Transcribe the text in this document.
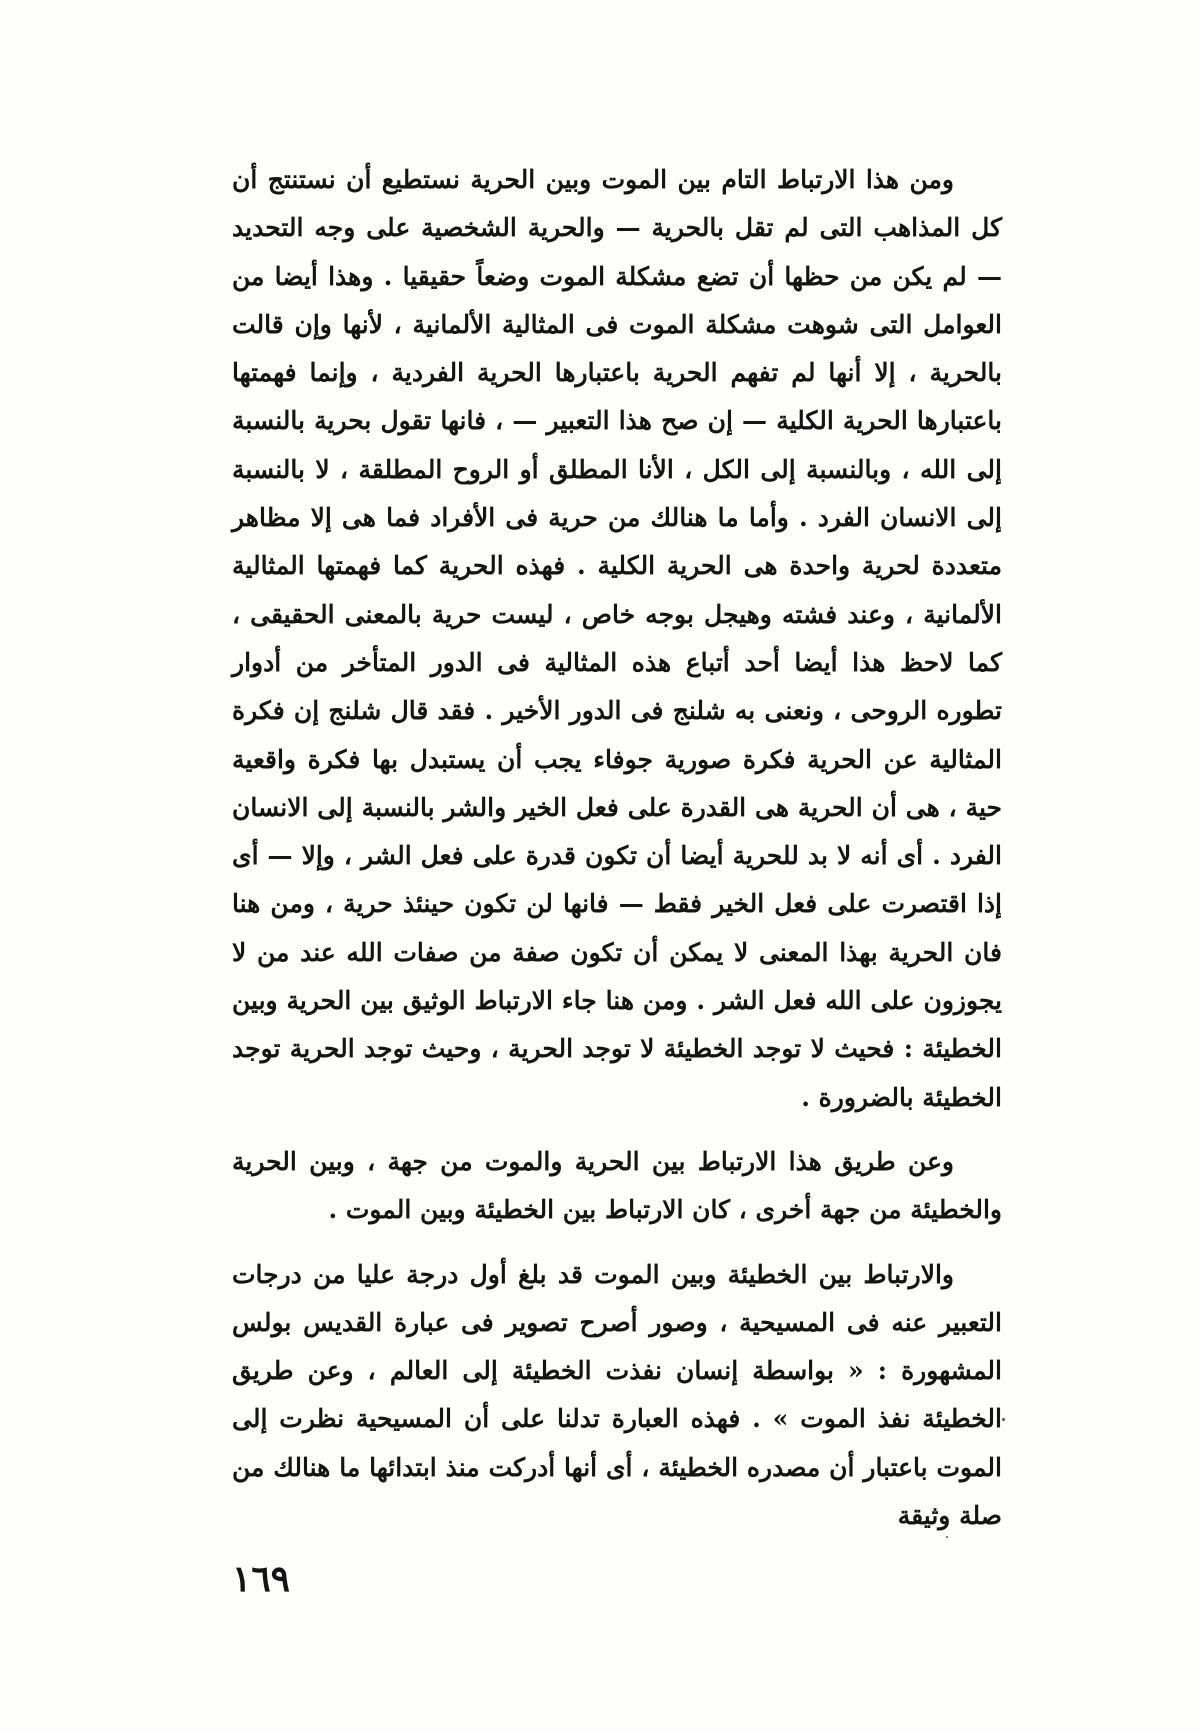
ومن هذا الارتباط التام بين الموت وبين الحرية نستطيع أن نستنتج أن كل المذاهب التى لم تقل بالحرية — والحرية الشخصية على وجه التحديد — لم يكن من حظها أن تضع مشكلة الموت وضعاً حقيقيا . وهذا أيضا من العوامل التى شوهت مشكلة الموت فى المثالية الألمانية ، لأنها وإن قالت بالحرية ، إلا أنها لم تفهم الحرية باعتبارها الحرية الفردية ، وإنما فهمتها باعتبارها الحرية الكلية — إن صح هذا التعبير — ، فانها تقول بحرية بالنسبة إلى الله ، وبالنسبة إلى الكل ، الأنا المطلق أو الروح المطلقة ، لا بالنسبة إلى الانسان الفرد . وأما ما هنالك من حرية فى الأفراد فما هى إلا مظاهر متعددة لحرية واحدة هى الحرية الكلية . فهذه الحرية كما فهمتها المثالية الألمانية ، وعند فشته وهيجل بوجه خاص ، ليست حرية بالمعنى الحقيقى ، كما لاحظ هذا أيضا أحد أتباع هذه المثالية فى الدور المتأخر من أدوار تطوره الروحى ، ونعنى به شلنج فى الدور الأخير . فقد قال شلنج إن فكرة المثالية عن الحرية فكرة صورية جوفاء يجب أن يستبدل بها فكرة واقعية حية ، هى أن الحرية هى القدرة على فعل الخير والشر بالنسبة إلى الانسان الفرد . أى أنه لا بد للحرية أيضا أن تكون قدرة على فعل الشر ، وإلا — أى إذا اقتصرت على فعل الخير فقط — فانها لن تكون حينئذ حرية ، ومن هنا فان الحرية بهذا المعنى لا يمكن أن تكون صفة من صفات الله عند من لا يجوزون على الله فعل الشر . ومن هنا جاء الارتباط الوثيق بين الحرية وبين الخطيئة : فحيث لا توجد الخطيئة لا توجد الحرية ، وحيث توجد الحرية توجد الخطيئة بالضرورة .

وعن طريق هذا الارتباط بين الحرية والموت من جهة ، وبين الحرية والخطيئة من جهة أخرى ، كان الارتباط بين الخطيئة وبين الموت .

والارتباط بين الخطيئة وبين الموت قد بلغ أول درجة عليا من درجات التعبير عنه فى المسيحية ، وصور أصرح تصوير فى عبارة القديس بولس المشهورة : « بواسطة إنسان نفذت الخطيئة إلى العالم ، وعن طريق الخطيئة نفذ الموت » . فهذه العبارة تدلنا على أن المسيحية نظرت إلى الموت باعتبار أن مصدره الخطيئة ، أى أنها أدركت منذ ابتدائها ما هنالك من صلة وثيقة

١٦٩
